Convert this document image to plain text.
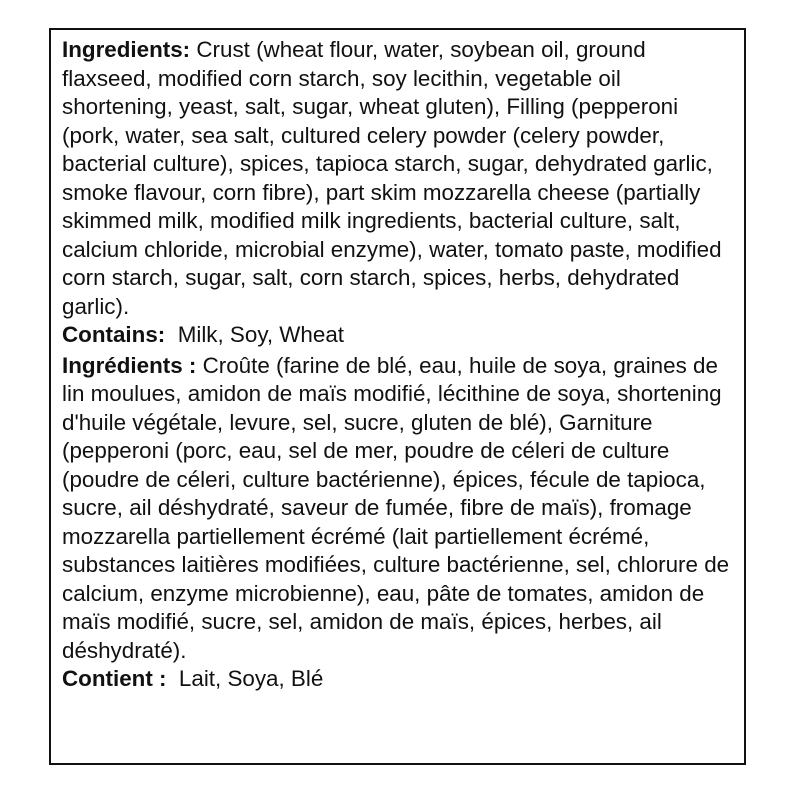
Ingredients: Crust (wheat flour, water, soybean oil, ground flaxseed, modified corn starch, soy lecithin, vegetable oil shortening, yeast, salt, sugar, wheat gluten), Filling (pepperoni (pork, water, sea salt, cultured celery powder (celery powder, bacterial culture), spices, tapioca starch, sugar, dehydrated garlic, smoke flavour, corn fibre), part skim mozzarella cheese (partially skimmed milk, modified milk ingredients, bacterial culture, salt, calcium chloride, microbial enzyme), water, tomato paste, modified corn starch, sugar, salt, corn starch, spices, herbs, dehydrated garlic).

Contains:  Milk, Soy, Wheat

Ingrédients : Croûte (farine de blé, eau, huile de soya, graines de lin moulues, amidon de maïs modifié, lécithine de soya, shortening d'huile végétale, levure, sel, sucre, gluten de blé), Garniture (pepperoni (porc, eau, sel de mer, poudre de céleri de culture (poudre de céleri, culture bactérienne), épices, fécule de tapioca, sucre, ail déshydraté, saveur de fumée, fibre de maïs), fromage mozzarella partiellement écrémé (lait partiellement écrémé, substances laitières modifiées, culture bactérienne, sel, chlorure de calcium, enzyme microbienne), eau, pâte de tomates, amidon de maïs modifié, sucre, sel, amidon de maïs, épices, herbes, ail déshydraté).

Contient :  Lait, Soya, Blé
